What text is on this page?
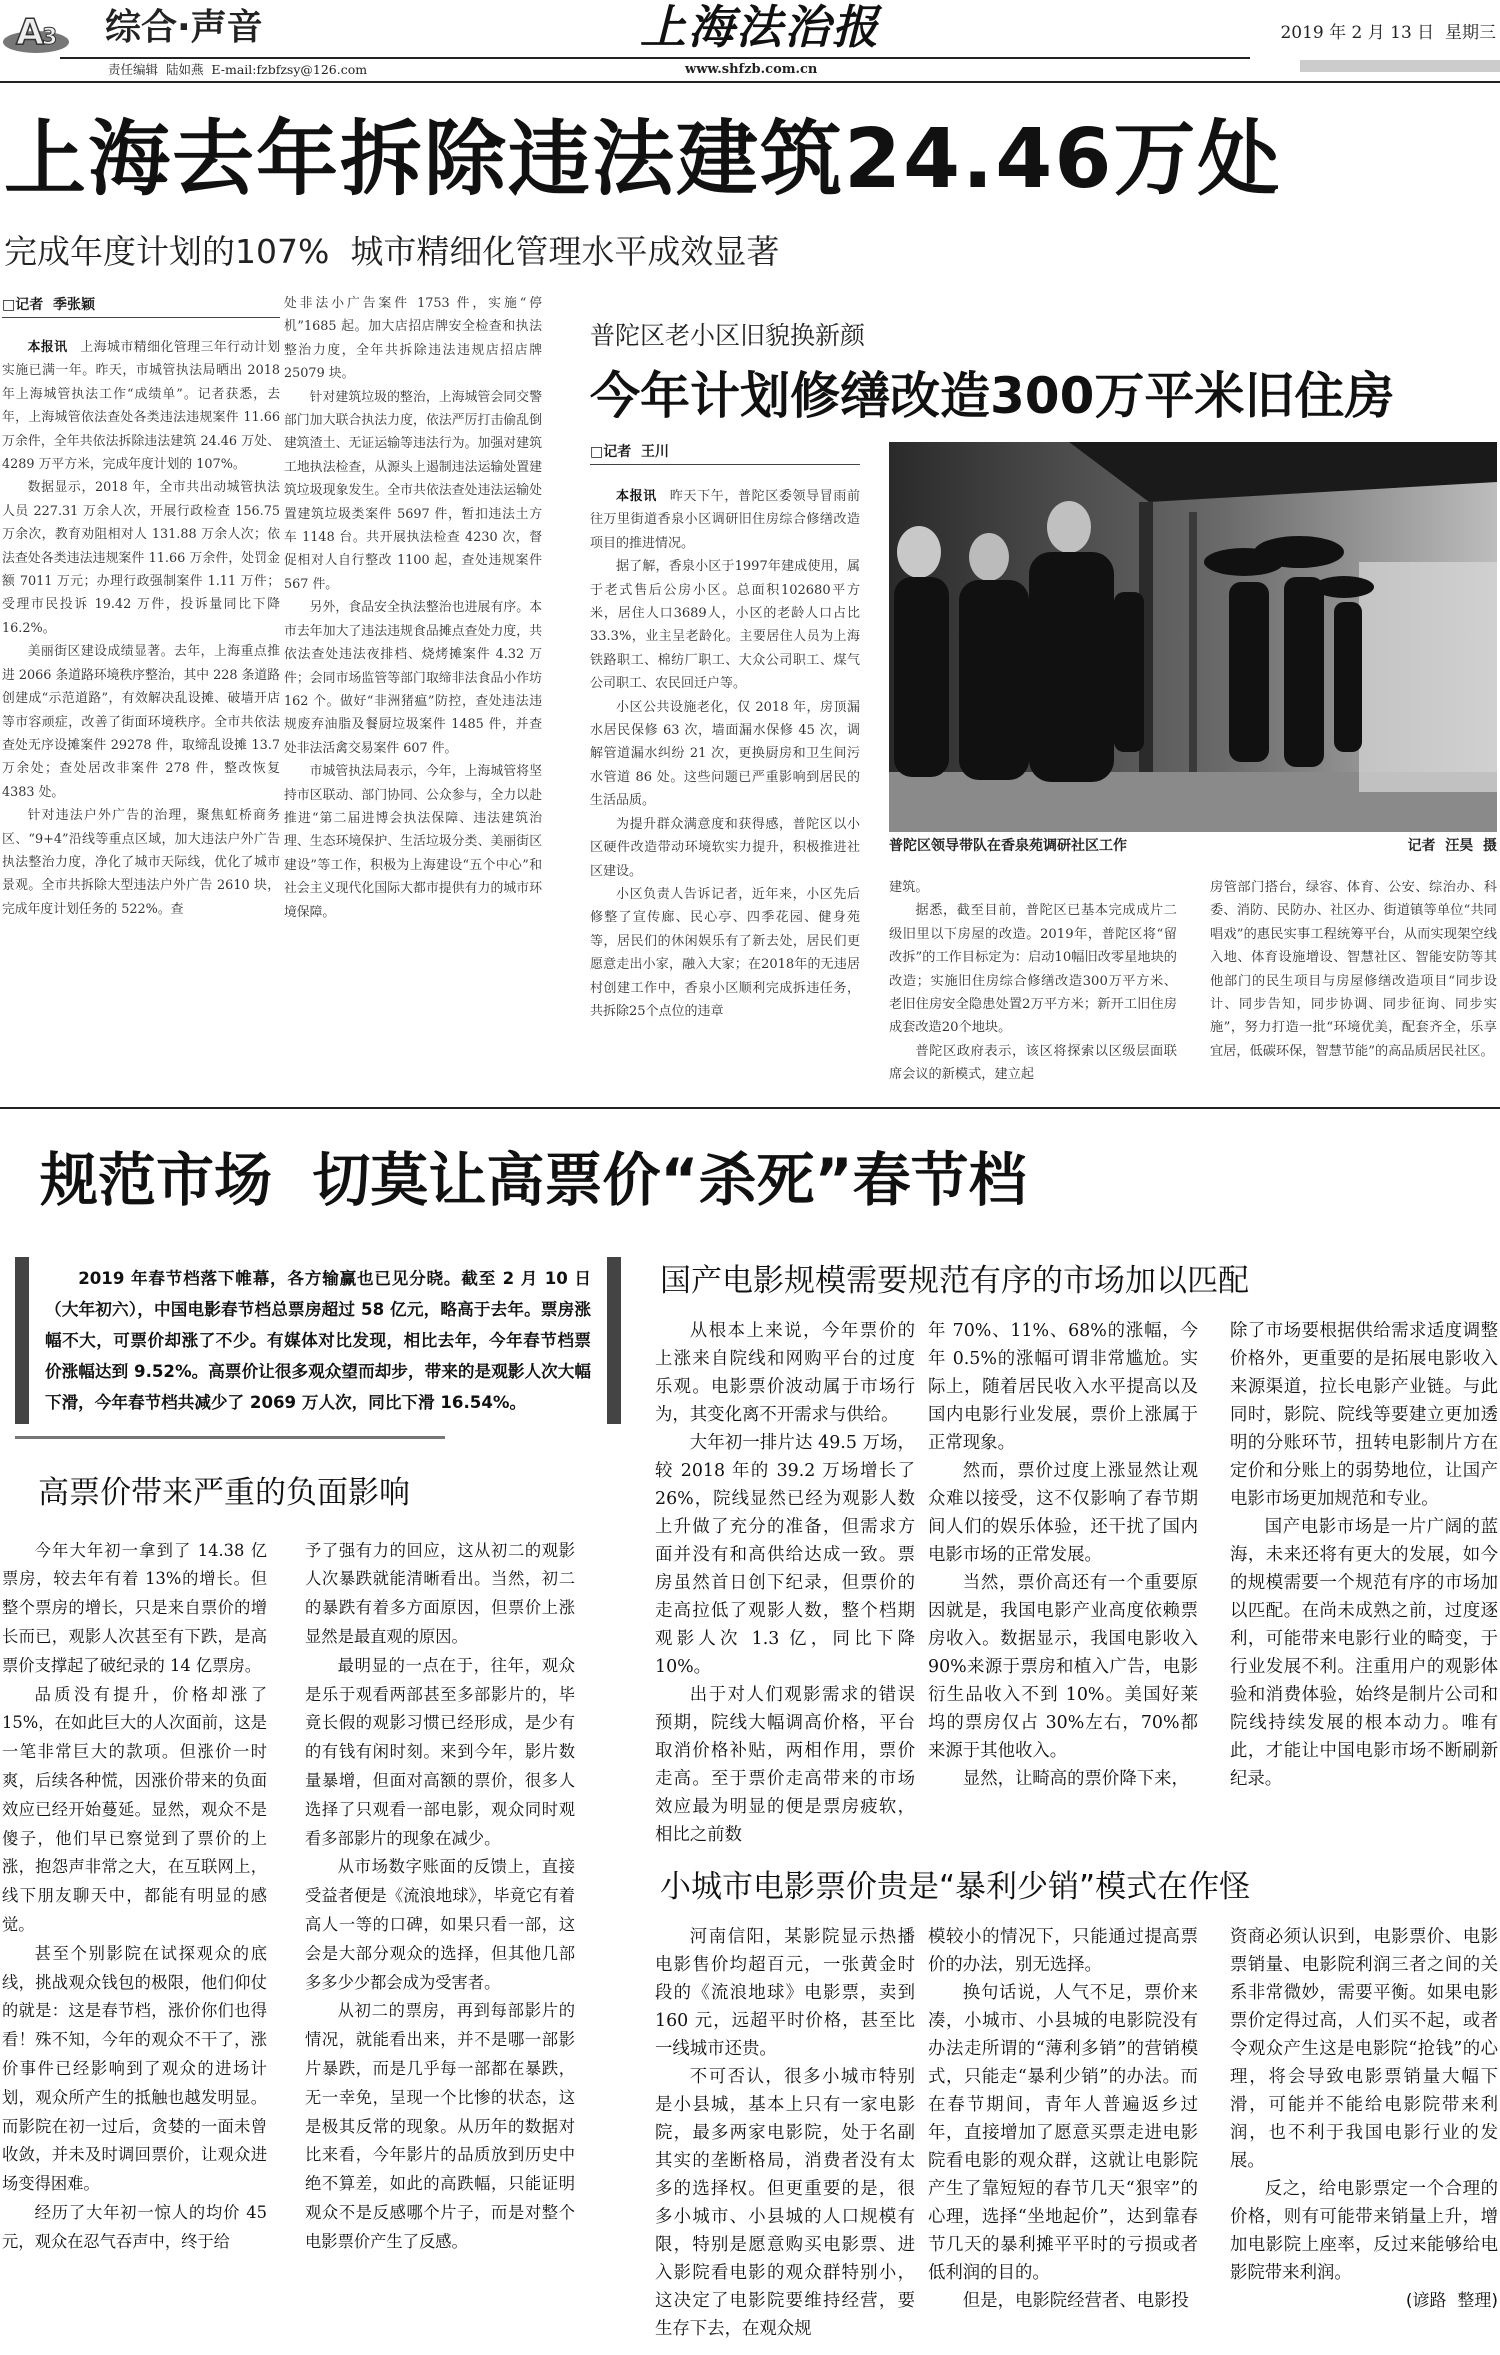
A
3 综合·声音	上海法治报	2019 年 2 月 13 日  星期三
责任编辑  陆如燕  E-mail:fzbfzsy@126.com	www.shfzb.com.cn
上海去年拆除违法建筑24.46万处
完成年度计划的107%  城市精细化管理水平成效显著
□记者  季张颖

本报讯 上海城市精细化管理三年行动计划实施已满一年。昨天，市城管执法局晒出 2018 年上海城管执法工作“成绩单”。记者获悉，去年，上海城管依法查处各类违法违规案件 11.66 万余件，全年共依法拆除违法建筑 24.46 万处、4289 万平方米，完成年度计划的 107%。

数据显示，2018 年，全市共出动城管执法人员 227.31 万余人次，开展行政检查 156.75 万余次，教育劝阻相对人 131.88 万余人次；依法查处各类违法违规案件 11.66 万余件，处罚金额 7011 万元；办理行政强制案件 1.11 万件；受理市民投诉 19.42 万件，投诉量同比下降 16.2%。

美丽街区建设成绩显著。去年，上海重点推进 2066 条道路环境秩序整治，其中 228 条道路创建成“示范道路”，有效解决乱设摊、破墙开店等市容顽症，改善了街面环境秩序。全市共依法查处无序设摊案件 29278 件，取缔乱设摊 13.7 万余处；查处居改非案件 278 件，整改恢复 4383 处。

针对违法户外广告的治理，聚焦虹桥商务区、“9+4”沿线等重点区域，加大违法户外广告执法整治力度，净化了城市天际线，优化了城市景观。全市共拆除大型违法户外广告 2610 块，完成年度计划任务的 522%。查

处非法小广告案件 1753 件，实施“停机”1685 起。加大店招店牌安全检查和执法整治力度，全年共拆除违法违规店招店牌 25079 块。

针对建筑垃圾的整治，上海城管会同交警部门加大联合执法力度，依法严厉打击偷乱倒建筑渣土、无证运输等违法行为。加强对建筑工地执法检查，从源头上遏制违法运输处置建筑垃圾现象发生。全市共依法查处违法运输处置建筑垃圾类案件 5697 件，暂扣违法土方车 1148 台。共开展执法检查 4230 次，督促相对人自行整改 1100 起，查处违规案件 567 件。

另外，食品安全执法整治也进展有序。本市去年加大了违法违规食品摊点查处力度，共依法查处违法夜排档、烧烤摊案件 4.32 万件；会同市场监管等部门取缔非法食品小作坊 162 个。做好“非洲猪瘟”防控，查处违法违规废弃油脂及餐厨垃圾案件 1485 件，并查处非法活禽交易案件 607 件。

市城管执法局表示，今年，上海城管将坚持市区联动、部门协同、公众参与，全力以赴推进“第二届进博会执法保障、违法建筑治理、生态环境保护、生活垃圾分类、美丽街区建设”等工作，积极为上海建设“五个中心”和社会主义现代化国际大都市提供有力的城市环境保障。

普陀区老小区旧貌换新颜
今年计划修缮改造300万平米旧住房
□记者  王川

本报讯 昨天下午，普陀区委领导冒雨前往万里街道香泉小区调研旧住房综合修缮改造项目的推进情况。

据了解，香泉小区于1997年建成使用，属于老式售后公房小区。总面积102680平方米，居住人口3689人，小区的老龄人口占比33.3%，业主呈老龄化。主要居住人员为上海铁路职工、棉纺厂职工、大众公司职工、煤气公司职工、农民回迁户等。

小区公共设施老化，仅 2018 年，房顶漏水居民保修 63 次，墙面漏水保修 45 次，调解管道漏水纠纷 21 次，更换厨房和卫生间污水管道 86 处。这些问题已严重影响到居民的生活品质。

为提升群众满意度和获得感，普陀区以小区硬件改造带动环境软实力提升，积极推进社区建设。

小区负责人告诉记者，近年来，小区先后修整了宣传廊、民心亭、四季花园、健身苑等，居民们的休闲娱乐有了新去处，居民们更愿意走出小家，融入大家；在2018年的无违居村创建工作中，香泉小区顺利完成拆违任务，共拆除25个点位的违章

普陀区领导带队在香泉苑调研社区工作	记者  汪昊  摄

建筑。

据悉，截至目前，普陀区已基本完成成片二级旧里以下房屋的改造。2019年，普陀区将“留改拆”的工作目标定为：启动10幅旧改零星地块的改造；实施旧住房综合修缮改造300万平方米、老旧住房安全隐患处置2万平方米；新开工旧住房成套改造20个地块。

普陀区政府表示，该区将探索以区级层面联席会议的新模式，建立起

房管部门搭台，绿容、体育、公安、综治办、科委、消防、民防办、社区办、街道镇等单位“共同唱戏”的惠民实事工程统筹平台，从而实现架空线入地、体育设施增设、智慧社区、智能安防等其他部门的民生项目与房屋修缮改造项目“同步设计、同步告知，同步协调、同步征询、同步实施”，努力打造一批“环境优美，配套齐全，乐享宜居，低碳环保，智慧节能”的高品质居民社区。

规范市场  切莫让高票价“杀死”春节档

2019 年春节档落下帷幕，各方输赢也已见分晓。截至 2 月 10 日（大年初六），中国电影春节档总票房超过 58 亿元，略高于去年。票房涨幅不大，可票价却涨了不少。有媒体对比发现，相比去年，今年春节档票价涨幅达到 9.52%。高票价让很多观众望而却步，带来的是观影人次大幅下滑，今年春节档共减少了 2069 万人次，同比下滑 16.54%。

高票价带来严重的负面影响

今年大年初一拿到了 14.38 亿票房，较去年有着 13%的增长。但整个票房的增长，只是来自票价的增长而已，观影人次甚至有下跌，是高票价支撑起了破纪录的 14 亿票房。

品质没有提升，价格却涨了 15%，在如此巨大的人次面前，这是一笔非常巨大的款项。但涨价一时爽，后续各种慌，因涨价带来的负面效应已经开始蔓延。显然，观众不是傻子，他们早已察觉到了票价的上涨，抱怨声非常之大，在互联网上，线下朋友聊天中，都能有明显的感觉。

甚至个别影院在试探观众的底线，挑战观众钱包的极限，他们仰仗的就是：这是春节档，涨价你们也得看！殊不知，今年的观众不干了，涨价事件已经影响到了观众的进场计划，观众所产生的抵触也越发明显。而影院在初一过后，贪婪的一面未曾收敛，并未及时调回票价，让观众进场变得困难。

经历了大年初一惊人的均价 45 元，观众在忍气吞声中，终于给

予了强有力的回应，这从初二的观影人次暴跌就能清晰看出。当然，初二的暴跌有着多方面原因，但票价上涨显然是最直观的原因。

最明显的一点在于，往年，观众是乐于观看两部甚至多部影片的，毕竟长假的观影习惯已经形成，是少有的有钱有闲时刻。来到今年，影片数量暴增，但面对高额的票价，很多人选择了只观看一部电影，观众同时观看多部影片的现象在减少。

从市场数字账面的反馈上，直接受益者便是《流浪地球》，毕竟它有着高人一等的口碑，如果只看一部，这会是大部分观众的选择，但其他几部多多少少都会成为受害者。

从初二的票房，再到每部影片的情况，就能看出来，并不是哪一部影片暴跌，而是几乎每一部都在暴跌，无一幸免，呈现一个比惨的状态，这是极其反常的现象。从历年的数据对比来看，今年影片的品质放到历史中绝不算差，如此的高跌幅，只能证明观众不是反感哪个片子，而是对整个电影票价产生了反感。

国产电影规模需要规范有序的市场加以匹配

从根本上来说，今年票价的上涨来自院线和网购平台的过度乐观。电影票价波动属于市场行为，其变化离不开需求与供给。

大年初一排片达 49.5 万场，较 2018 年的 39.2 万场增长了 26%，院线显然已经为观影人数上升做了充分的准备，但需求方面并没有和高供给达成一致。票房虽然首日创下纪录，但票价的走高拉低了观影人数，整个档期观影人次 1.3 亿，同比下降 10%。

出于对人们观影需求的错误预期，院线大幅调高价格，平台取消价格补贴，两相作用，票价走高。至于票价走高带来的市场效应最为明显的便是票房疲软，相比之前数

年 70%、11%、68%的涨幅，今年 0.5%的涨幅可谓非常尴尬。实际上，随着居民收入水平提高以及国内电影行业发展，票价上涨属于正常现象。

然而，票价过度上涨显然让观众难以接受，这不仅影响了春节期间人们的娱乐体验，还干扰了国内电影市场的正常发展。

当然，票价高还有一个重要原因就是，我国电影产业高度依赖票房收入。数据显示，我国电影收入 90%来源于票房和植入广告，电影衍生品收入不到 10%。美国好莱坞的票房仅占 30%左右，70%都来源于其他收入。

显然，让畸高的票价降下来，

除了市场要根据供给需求适度调整价格外，更重要的是拓展电影收入来源渠道，拉长电影产业链。与此同时，影院、院线等要建立更加透明的分账环节，扭转电影制片方在定价和分账上的弱势地位，让国产电影市场更加规范和专业。

国产电影市场是一片广阔的蓝海，未来还将有更大的发展，如今的规模需要一个规范有序的市场加以匹配。在尚未成熟之前，过度逐利，可能带来电影行业的畸变，于行业发展不利。注重用户的观影体验和消费体验，始终是制片公司和院线持续发展的根本动力。唯有此，才能让中国电影市场不断刷新纪录。

小城市电影票价贵是“暴利少销”模式在作怪

河南信阳，某影院显示热播电影售价均超百元，一张黄金时段的《流浪地球》电影票，卖到 160 元，远超平时价格，甚至比一线城市还贵。

不可否认，很多小城市特别是小县城，基本上只有一家电影院，最多两家电影院，处于名副其实的垄断格局，消费者没有太多的选择权。但更重要的是，很多小城市、小县城的人口规模有限，特别是愿意购买电影票、进入影院看电影的观众群特别小，这决定了电影院要维持经营，要生存下去，在观众规

模较小的情况下，只能通过提高票价的办法，别无选择。

换句话说，人气不足，票价来凑，小城市、小县城的电影院没有办法走所谓的“薄利多销”的营销模式，只能走“暴利少销”的办法。而在春节期间，青年人普遍返乡过年，直接增加了愿意买票走进电影院看电影的观众群，这就让电影院产生了靠短短的春节几天“狠宰”的心理，选择“坐地起价”，达到靠春节几天的暴利摊平平时的亏损或者低利润的目的。

但是，电影院经营者、电影投

资商必须认识到，电影票价、电影票销量、电影院利润三者之间的关系非常微妙，需要平衡。如果电影票价定得过高，人们买不起，或者令观众产生这是电影院“抢钱”的心理，将会导致电影票销量大幅下滑，可能并不能给电影院带来利润，也不利于我国电影行业的发展。

反之，给电影票定一个合理的价格，则有可能带来销量上升，增加电影院上座率，反过来能够给电影院带来利润。

(谚路  整理)
